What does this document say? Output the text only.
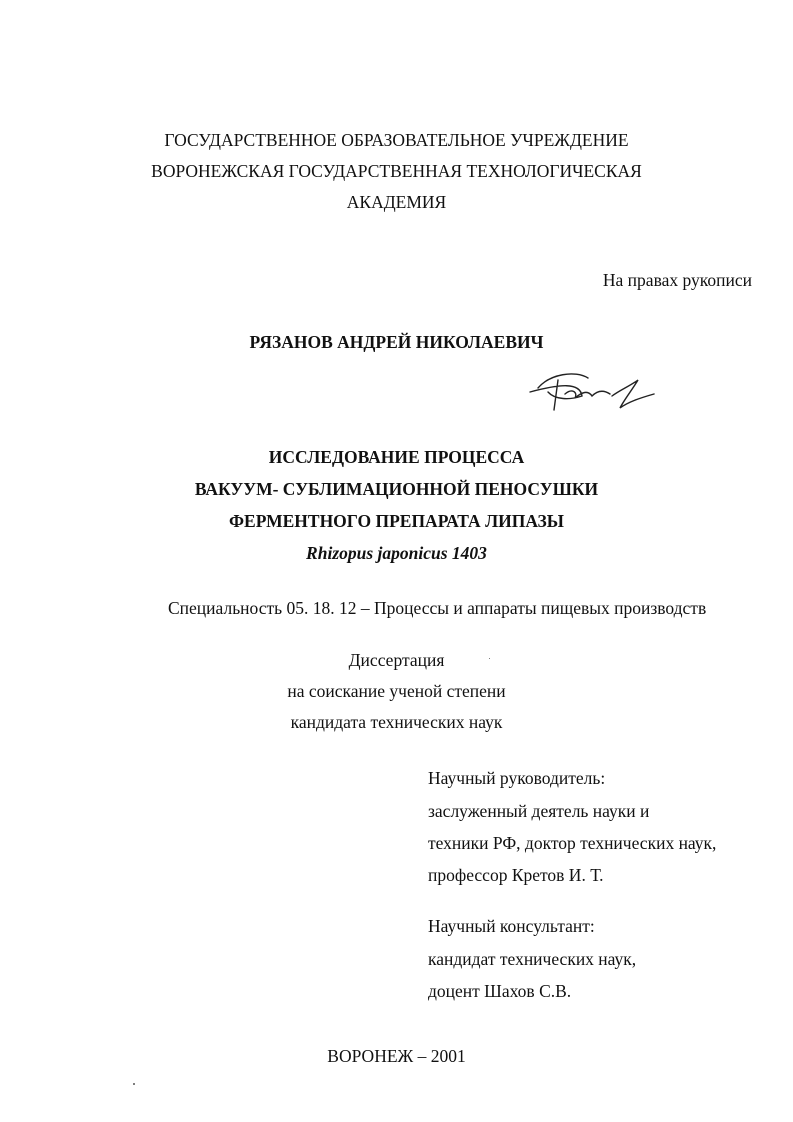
ГОСУДАРСТВЕННОЕ ОБРАЗОВАТЕЛЬНОЕ УЧРЕЖДЕНИЕ
ВОРОНЕЖСКАЯ ГОСУДАРСТВЕННАЯ ТЕХНОЛОГИЧЕСКАЯ
АКАДЕМИЯ
На правах рукописи
РЯЗАНОВ АНДРЕЙ НИКОЛАЕВИЧ
ИССЛЕДОВАНИЕ ПРОЦЕССА
ВАКУУМ- СУБЛИМАЦИОННОЙ ПЕНОСУШКИ
ФЕРМЕНТНОГО ПРЕПАРАТА ЛИПАЗЫ
Rhizopus japonicus 1403
Специальность 05. 18. 12 – Процессы и аппараты пищевых производств
Диссертация
на соискание ученой степени
кандидата технических наук
Научный руководитель:
заслуженный деятель науки и
техники РФ, доктор технических наук,
профессор Кретов И. Т.
Научный консультант:
кандидат технических наук,
доцент Шахов С.В.
ВОРОНЕЖ – 2001
